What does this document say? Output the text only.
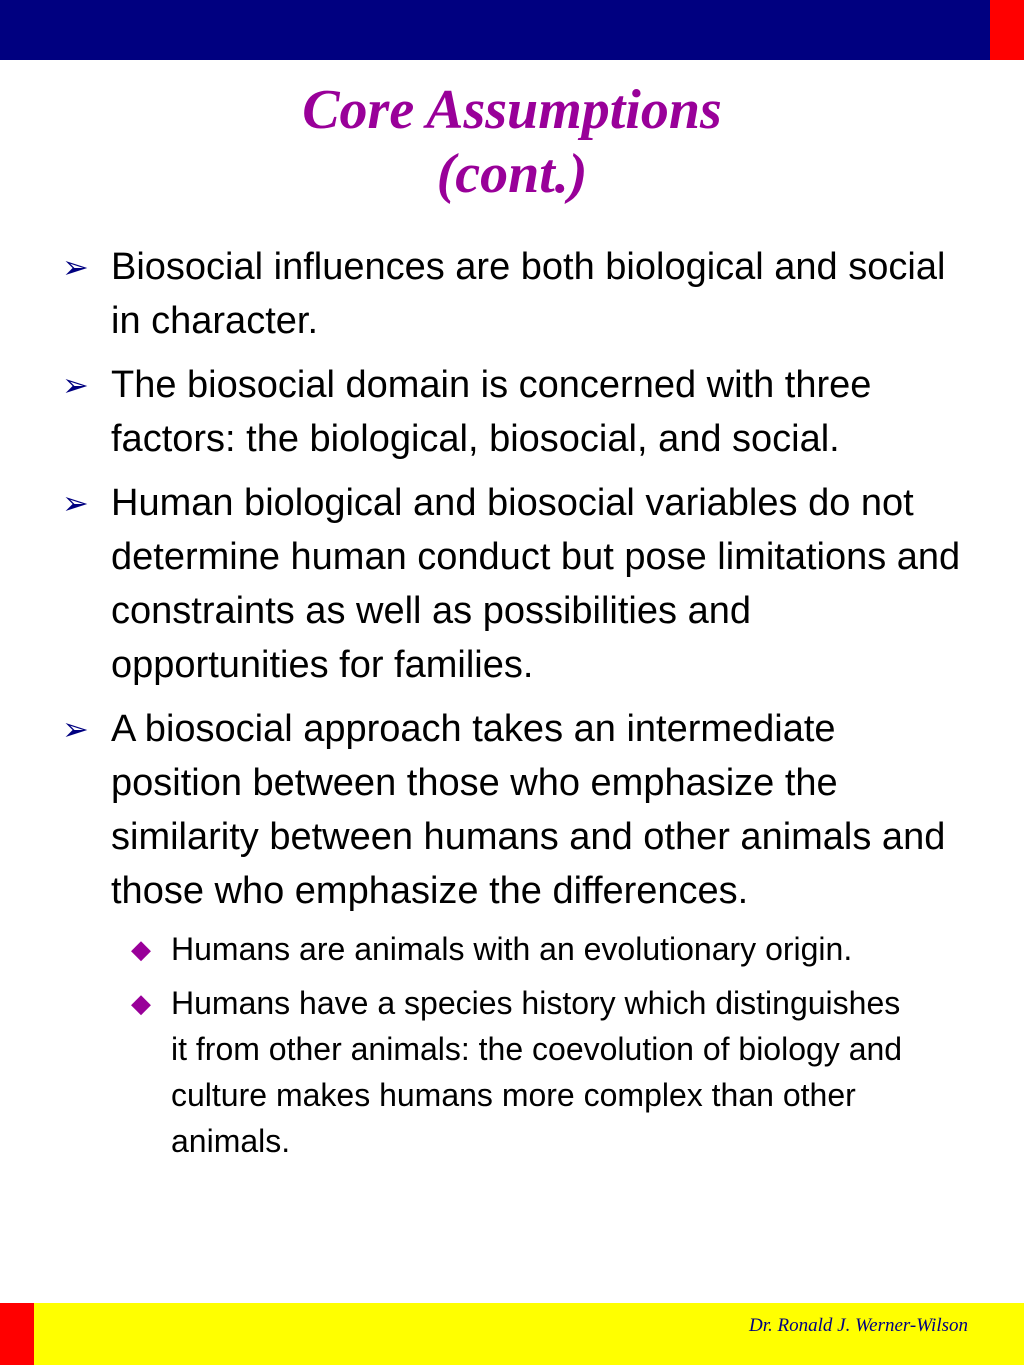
Core Assumptions
(cont.)
➢ Biosocial influences are both biological and social in character.
➢ The biosocial domain is concerned with three factors: the biological, biosocial, and social.
➢ Human biological and biosocial variables do not determine human conduct but pose limitations and constraints as well as possibilities and opportunities for families.
➢ A biosocial approach takes an intermediate position between those who emphasize the similarity between humans and other animals and those who emphasize the differences.
◆ Humans are animals with an evolutionary origin.
◆ Humans have a species history which distinguishes it from other animals: the coevolution of biology and culture makes humans more complex than other animals.
Dr. Ronald J. Werner-Wilson
